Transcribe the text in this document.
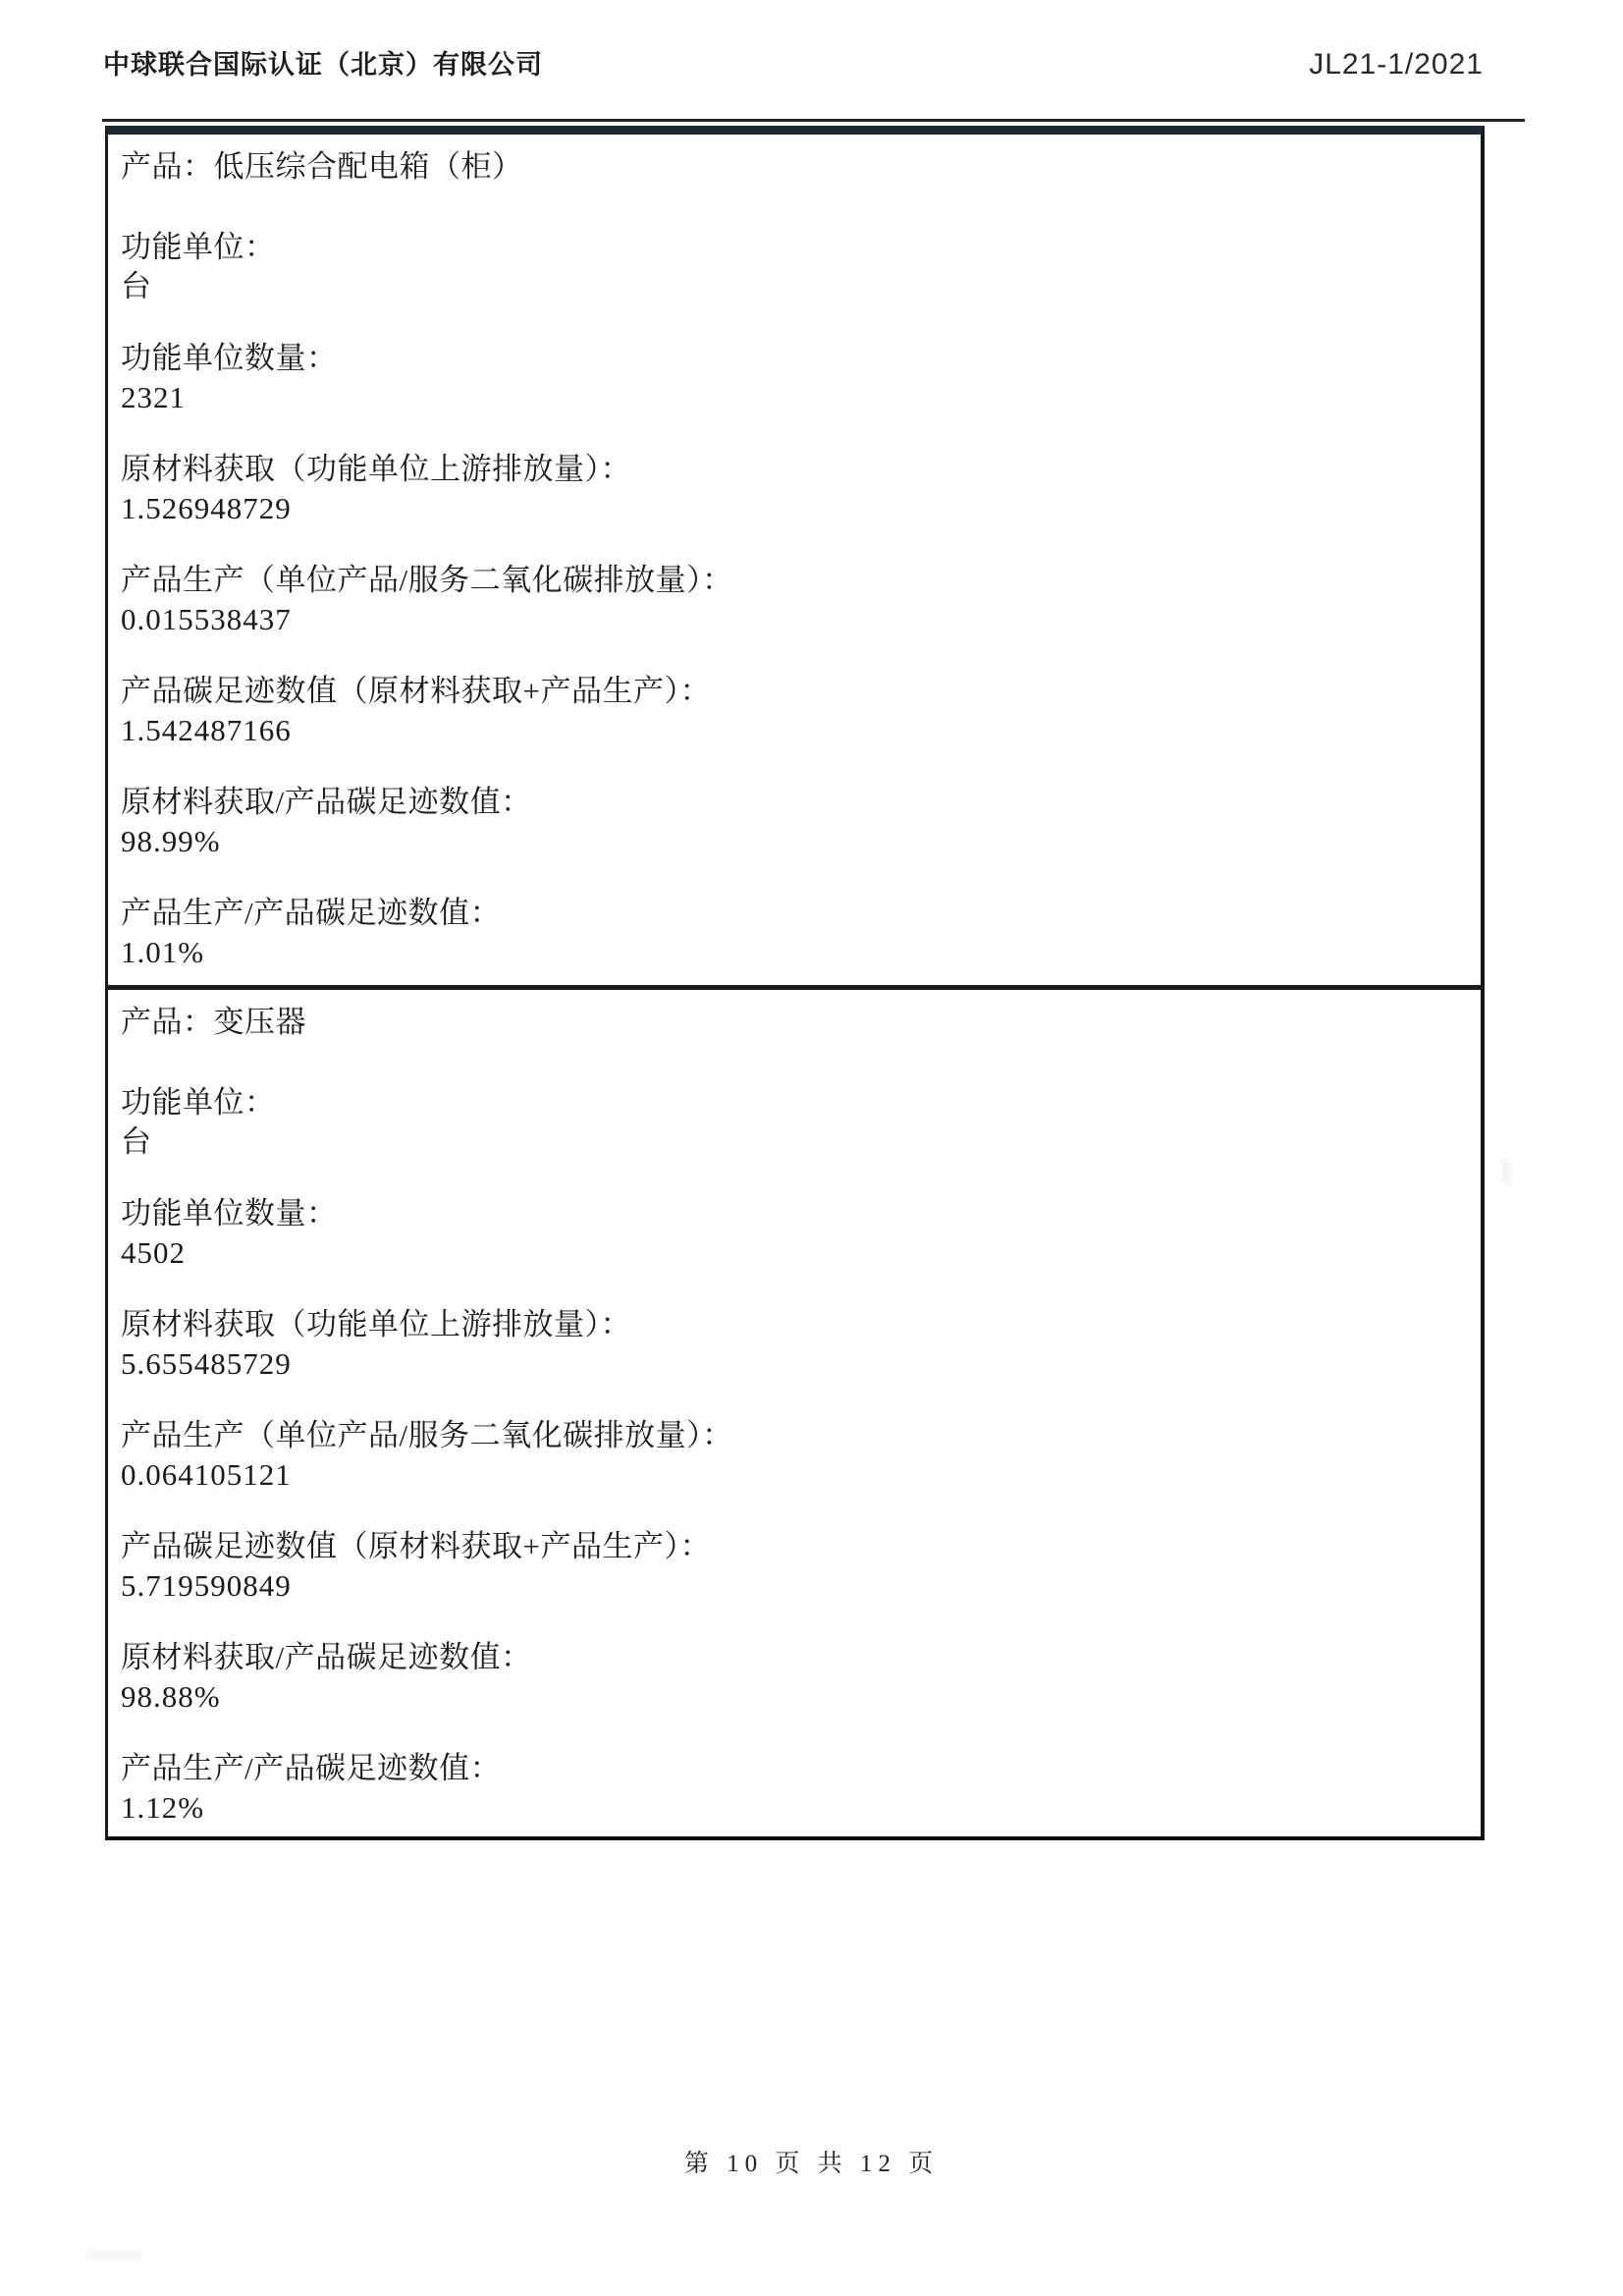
中球联合国际认证（北京）有限公司	JL21-1/2021
产品：低压综合配电箱（柜）
功能单位：
台
功能单位数量：
2321
原材料获取（功能单位上游排放量）：
1.526948729
产品生产（单位产品/服务二氧化碳排放量）：
0.015538437
产品碳足迹数值（原材料获取+产品生产）：
1.542487166
原材料获取/产品碳足迹数值：
98.99%
产品生产/产品碳足迹数值：
1.01%
产品：变压器
功能单位：
台
功能单位数量：
4502
原材料获取（功能单位上游排放量）：
5.655485729
产品生产（单位产品/服务二氧化碳排放量）：
0.064105121
产品碳足迹数值（原材料获取+产品生产）：
5.719590849
原材料获取/产品碳足迹数值：
98.88%
产品生产/产品碳足迹数值：
1.12%
第 10 页 共 12 页
